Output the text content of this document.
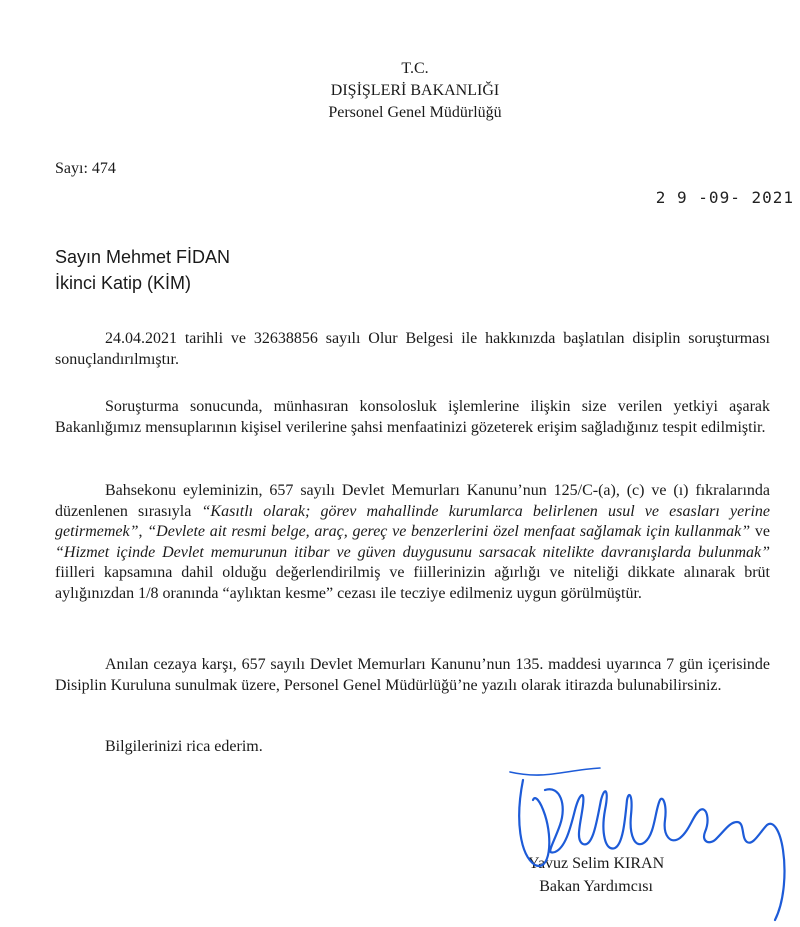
T.C.
DIŞİŞLERİ BAKANLIĞI
Personel Genel Müdürlüğü
Sayı: 474
2 9 -09- 2021
Sayın Mehmet FİDAN
İkinci Katip (KİM)
24.04.2021 tarihli ve 32638856 sayılı Olur Belgesi ile hakkınızda başlatılan disiplin soruşturması sonuçlandırılmıştır.
Soruşturma sonucunda, münhasıran konsolosluk işlemlerine ilişkin size verilen yetkiyi aşarak Bakanlığımız mensuplarının kişisel verilerine şahsi menfaatinizi gözeterek erişim sağladığınız tespit edilmiştir.
Bahsekonu eyleminizin, 657 sayılı Devlet Memurları Kanunu’nun 125/C-(a), (c) ve (ı) fıkralarında düzenlenen sırasıyla “Kasıtlı olarak; görev mahallinde kurumlarca belirlenen usul ve esasları yerine getirmemek”, “Devlete ait resmi belge, araç, gereç ve benzerlerini özel menfaat sağlamak için kullanmak” ve “Hizmet içinde Devlet memurunun itibar ve güven duygusunu sarsacak nitelikte davranışlarda bulunmak” fiilleri kapsamına dahil olduğu değerlendirilmiş ve fiillerinizin ağırlığı ve niteliği dikkate alınarak brüt aylığınızdan 1/8 oranında “aylıktan kesme” cezası ile tecziye edilmeniz uygun görülmüştür.
Anılan cezaya karşı, 657 sayılı Devlet Memurları Kanunu’nun 135. maddesi uyarınca 7 gün içerisinde Disiplin Kuruluna sunulmak üzere, Personel Genel Müdürlüğü’ne yazılı olarak itirazda bulunabilirsiniz.
Bilgilerinizi rica ederim.
Yavuz Selim KIRAN
Bakan Yardımcısı
